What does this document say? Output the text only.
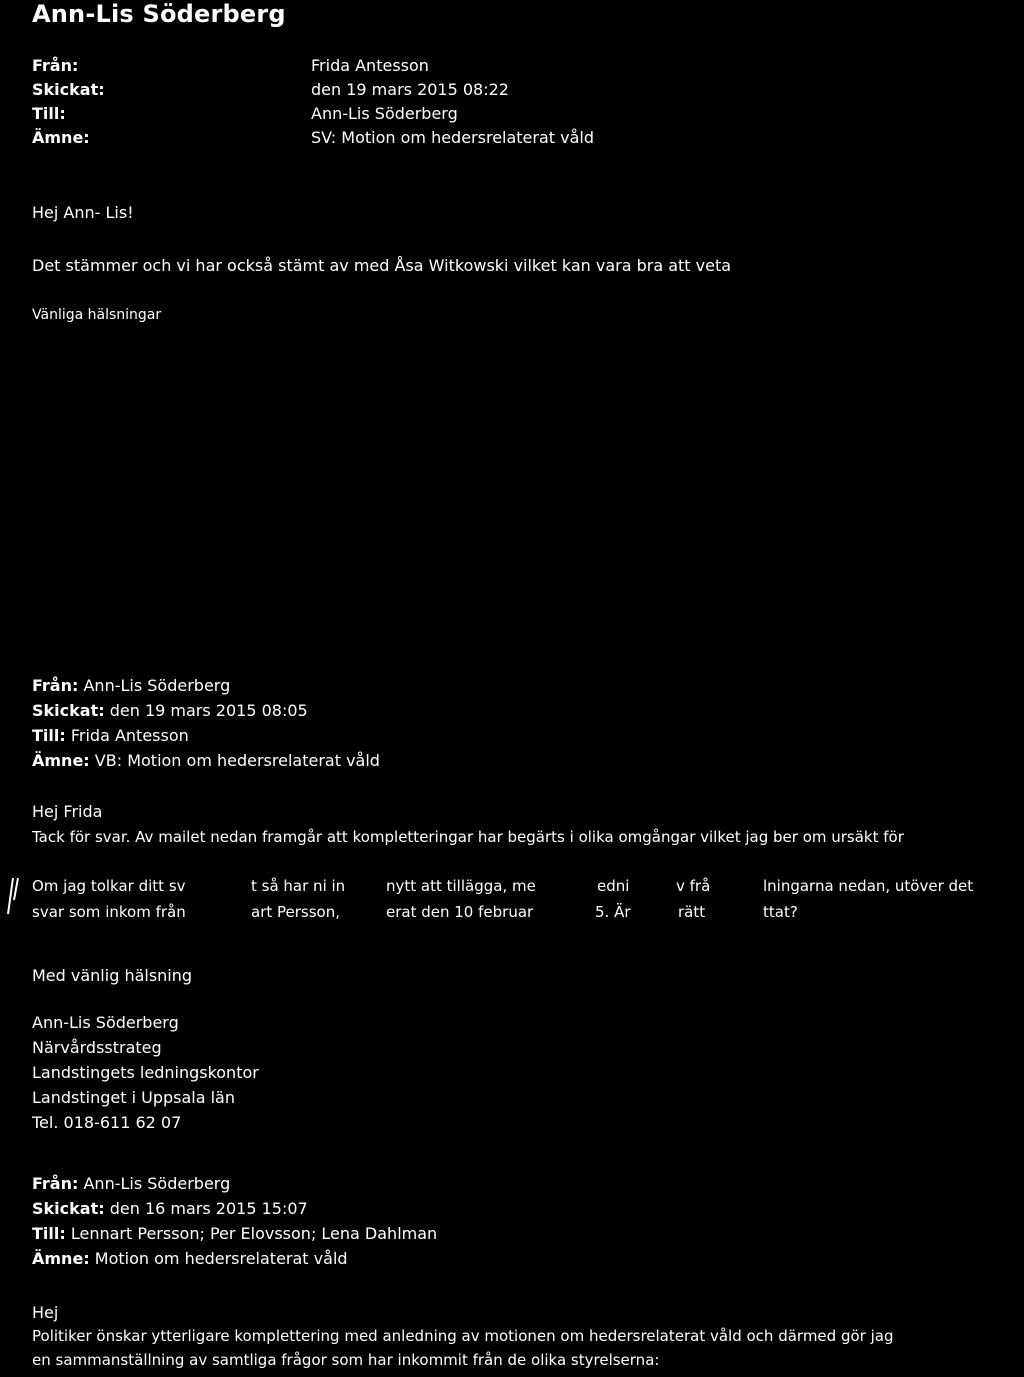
Ann-Lis Söderberg
Från:	Frida Antesson
Skickat:	den 19 mars 2015 08:22
Till:	Ann-Lis Söderberg
Ämne:	SV: Motion om hedersrelaterat våld
Hej Ann- Lis!
Det stämmer och vi har också stämt av med Åsa Witkowski vilket kan vara bra att veta
Vänliga hälsningar
Från: Ann-Lis Söderberg
Skickat: den 19 mars 2015 08:05
Till: Frida Antesson
Ämne: VB: Motion om hedersrelaterat våld
Hej Frida
Tack för svar. Av mailet nedan framgår att kompletteringar har begärts i olika omgångar vilket jag ber om ursäkt för
Om jag tolkar ditt sv	t så har ni in	nytt att tillägga, me	edni	v frå	lningarna nedan, utöver det
svar som inkom från	art Persson,	erat den 10 februar	5. Är	rätt	ttat?
Med vänlig hälsning
Ann-Lis Söderberg
Närvårdsstrateg
Landstingets ledningskontor
Landstinget i Uppsala län
Tel. 018-611 62 07
Från: Ann-Lis Söderberg
Skickat: den 16 mars 2015 15:07
Till: Lennart Persson; Per Elovsson; Lena Dahlman
Ämne: Motion om hedersrelaterat våld
Hej
Politiker önskar ytterligare komplettering med anledning av motionen om hedersrelaterat våld och därmed gör jag
en sammanställning av samtliga frågor som har inkommit från de olika styrelserna:
